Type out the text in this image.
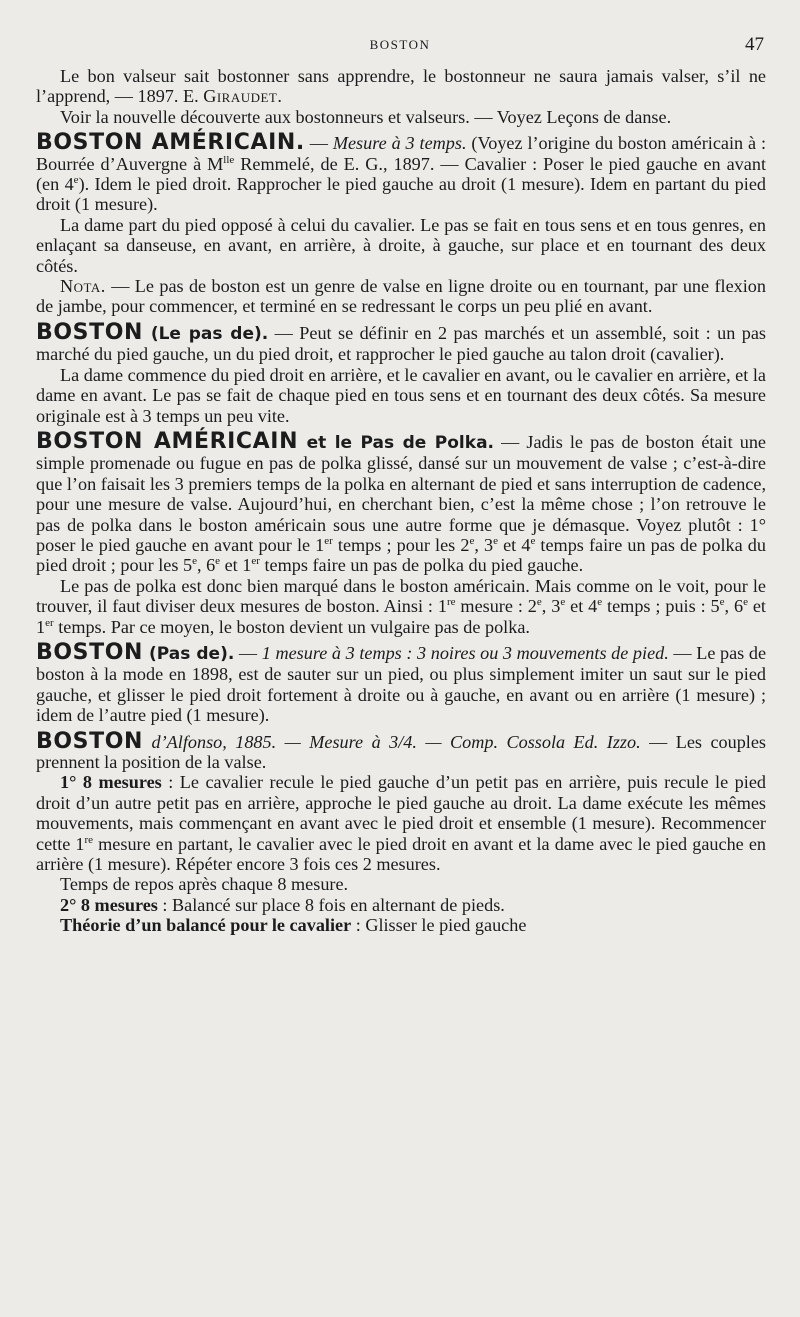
BOSTON	47

Le bon valseur sait bostonner sans apprendre, le bostonneur ne saura jamais valser, s’il ne l’apprend, — 1897. E. Giraudet.

Voir la nouvelle découverte aux bostonneurs et valseurs. — Voyez Leçons de danse.

BOSTON AMÉRICAIN. — Mesure à 3 temps. (Voyez l’origine du boston américain à : Bourrée d’Auvergne à $M^{lle}$ Remmelé, de E. G., 1897. — Cavalier : Poser le pied gauche en avant (en 4e). Idem le pied droit. Rapprocher le pied gauche au droit (1 mesure). Idem en partant du pied droit (1 mesure).

La dame part du pied opposé à celui du cavalier. Le pas se fait en tous sens et en tous genres, en enlaçant sa danseuse, en avant, en arrière, à droite, à gauche, sur place et en tournant des deux côtés.

Nota. — Le pas de boston est un genre de valse en ligne droite ou en tournant, par une flexion de jambe, pour commencer, et terminé en se redressant le corps un peu plié en avant.

BOSTON (Le pas de). — Peut se définir en 2 pas marchés et un assemblé, soit : un pas marché du pied gauche, un du pied droit, et rapprocher le pied gauche au talon droit (cavalier).

La dame commence du pied droit en arrière, et le cavalier en avant, ou le cavalier en arrière, et la dame en avant. Le pas se fait de chaque pied en tous sens et en tournant des deux côtés. Sa mesure originale est à 3 temps un peu vite.

BOSTON AMÉRICAIN et le Pas de Polka. — Jadis le pas de boston était une simple promenade ou fugue en pas de polka glissé, dansé sur un mouvement de valse ; c’est-à-dire que l’on faisait les 3 premiers temps de la polka en alternant de pied et sans interruption de cadence, pour une mesure de valse. Aujourd’hui, en cherchant bien, c’est la même chose ; l’on retrouve le pas de polka dans le boston américain sous une autre forme que je démasque. Voyez plutôt : 1° poser le pied gauche en avant pour le 1er temps ; pour les 2e, 3e et 4e temps faire un pas de polka du pied droit ; pour les 5e, 6e et 1er temps faire un pas de polka du pied gauche.

Le pas de polka est donc bien marqué dans le boston américain. Mais comme on le voit, pour le trouver, il faut diviser deux mesures de boston. Ainsi : 1re mesure : 2e, 3e et 4e temps ; puis : 5e, 6e et 1er temps. Par ce moyen, le boston devient un vulgaire pas de polka.

BOSTON (Pas de). — 1 mesure à 3 temps : 3 noires ou 3 mouvements de pied. — Le pas de boston à la mode en 1898, est de sauter sur un pied, ou plus simplement imiter un saut sur le pied gauche, et glisser le pied droit fortement à droite ou à gauche, en avant ou en arrière (1 mesure) ; idem de l’autre pied (1 mesure).

BOSTON d’Alfonso, 1885. — Mesure à 3/4. — Comp. Cossola Ed. Izzo. — Les couples prennent la position de la valse.

1° 8 mesures : Le cavalier recule le pied gauche d’un petit pas en arrière, puis recule le pied droit d’un autre petit pas en arrière, approche le pied gauche au droit. La dame exécute les mêmes mouvements, mais commençant en avant avec le pied droit et ensemble (1 mesure). Recommencer cette 1re mesure en partant, le cavalier avec le pied droit en avant et la dame avec le pied gauche en arrière (1 mesure). Répéter encore 3 fois ces 2 mesures.

Temps de repos après chaque 8 mesure.

2° 8 mesures : Balancé sur place 8 fois en alternant de pieds.

Théorie d’un balancé pour le cavalier : Glisser le pied gauche
